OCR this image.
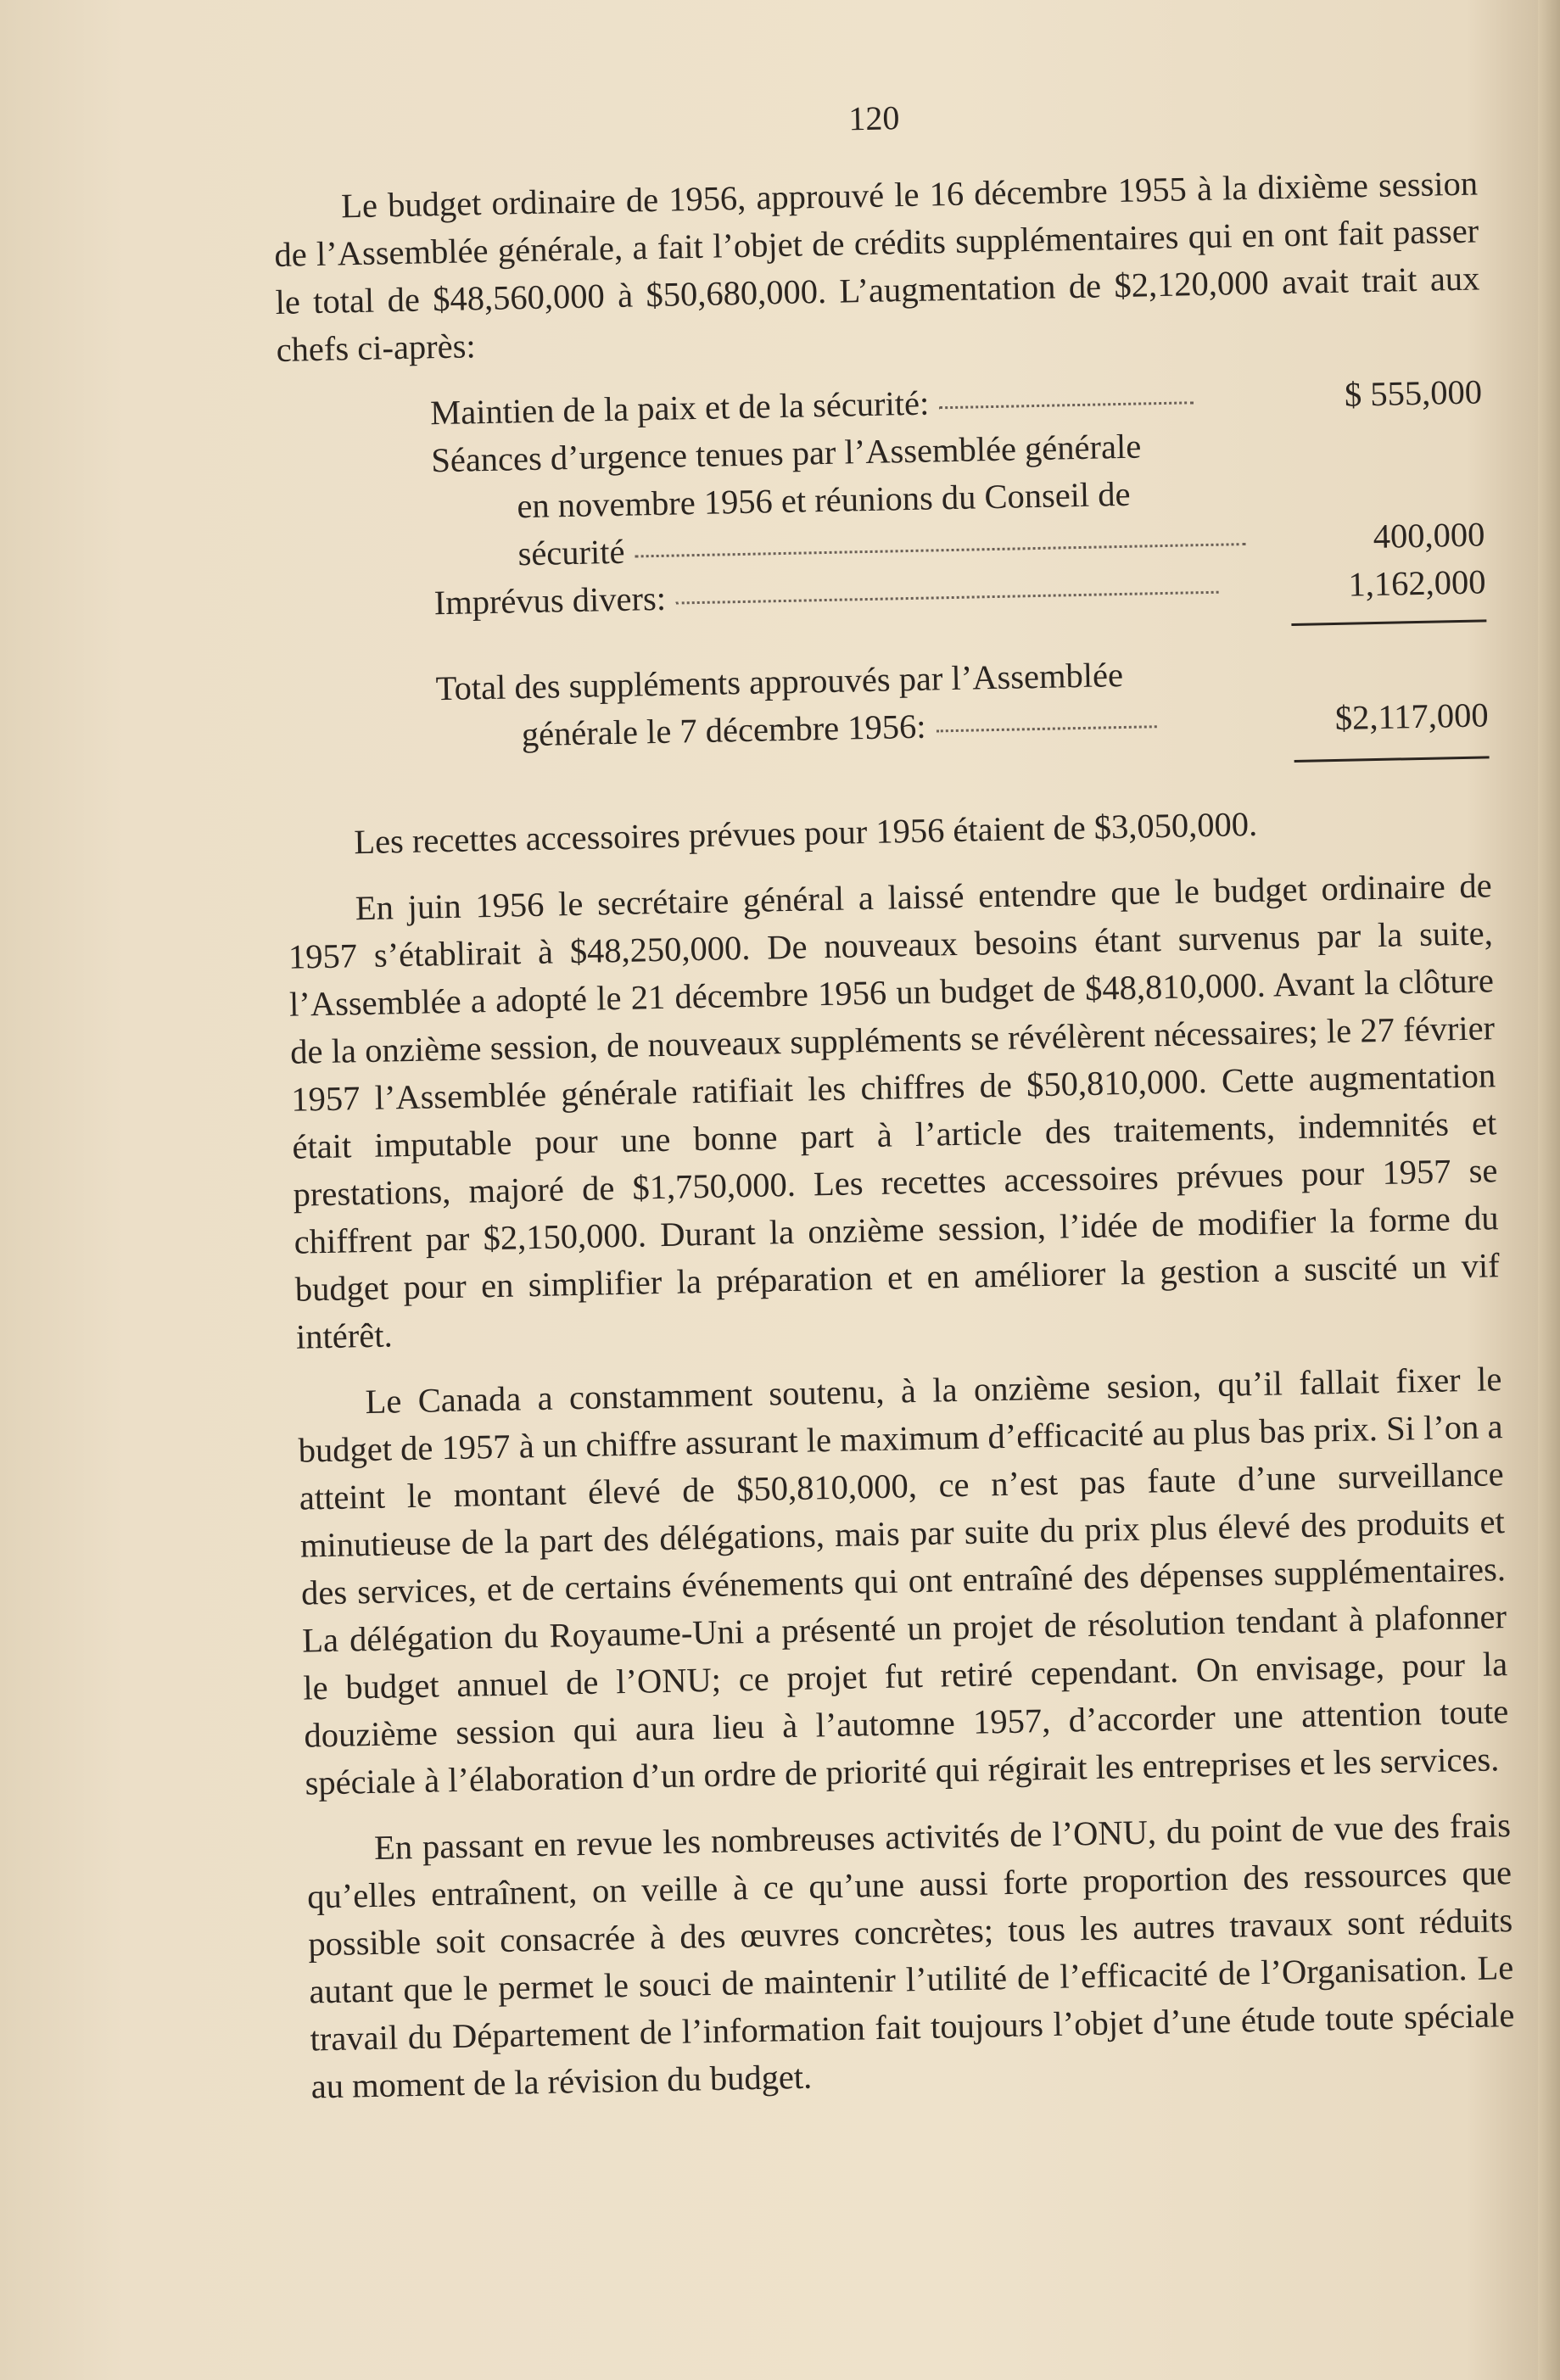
120

Le budget ordinaire de 1956, approuvé le 16 décembre 1955 à la dixième session de l’Assemblée générale, a fait l’objet de crédits supplémentaires qui en ont fait passer le total de $48,560,000 à $50,680,000. L’augmentation de $2,120,000 avait trait aux chefs ci-après:

Maintien de la paix et de la sécurité:	$ 555,000
Séances d’urgence tenues par l’Assemblée générale
en novembre 1956 et réunions du Conseil de
sécurité	400,000
Imprévus divers:	1,162,000
Total des suppléments approuvés par l’Assemblée
générale le 7 décembre 1956:	$2,117,000

Les recettes accessoires prévues pour 1956 étaient de $3,050,000.

En juin 1956 le secrétaire général a laissé entendre que le budget ordinaire de 1957 s’établirait à $48,250,000. De nouveaux besoins étant survenus par la suite, l’Assemblée a adopté le 21 décembre 1956 un budget de $48,810,000. Avant la clôture de la onzième session, de nouveaux suppléments se révélèrent nécessaires; le 27 février 1957 l’Assemblée générale ratifiait les chiffres de $50,810,000. Cette augmentation était imputable pour une bonne part à l’article des traitements, indemnités et prestations, majoré de $1,750,000. Les recettes accessoires prévues pour 1957 se chiffrent par $2,150,000. Durant la onzième session, l’idée de modifier la forme du budget pour en simplifier la préparation et en améliorer la gestion a suscité un vif intérêt.

Le Canada a constamment soutenu, à la onzième sesion, qu’il fallait fixer le budget de 1957 à un chiffre assurant le maximum d’efficacité au plus bas prix. Si l’on a atteint le montant élevé de $50,810,000, ce n’est pas faute d’une surveillance minutieuse de la part des délégations, mais par suite du prix plus élevé des produits et des services, et de certains événements qui ont entraîné des dépenses supplémentaires. La délégation du Royaume-Uni a présenté un projet de résolution tendant à plafonner le budget annuel de l’ONU; ce projet fut retiré cependant. On envisage, pour la douzième session qui aura lieu à l’automne 1957, d’accorder une attention toute spéciale à l’élaboration d’un ordre de priorité qui régirait les entreprises et les services.

En passant en revue les nombreuses activités de l’ONU, du point de vue des frais qu’elles entraînent, on veille à ce qu’une aussi forte proportion des ressources que possible soit consacrée à des œuvres concrètes; tous les autres travaux sont réduits autant que le permet le souci de maintenir l’utilité de l’efficacité de l’Organisation. Le travail du Département de l’information fait toujours l’objet d’une étude toute spéciale au moment de la révision du budget.
